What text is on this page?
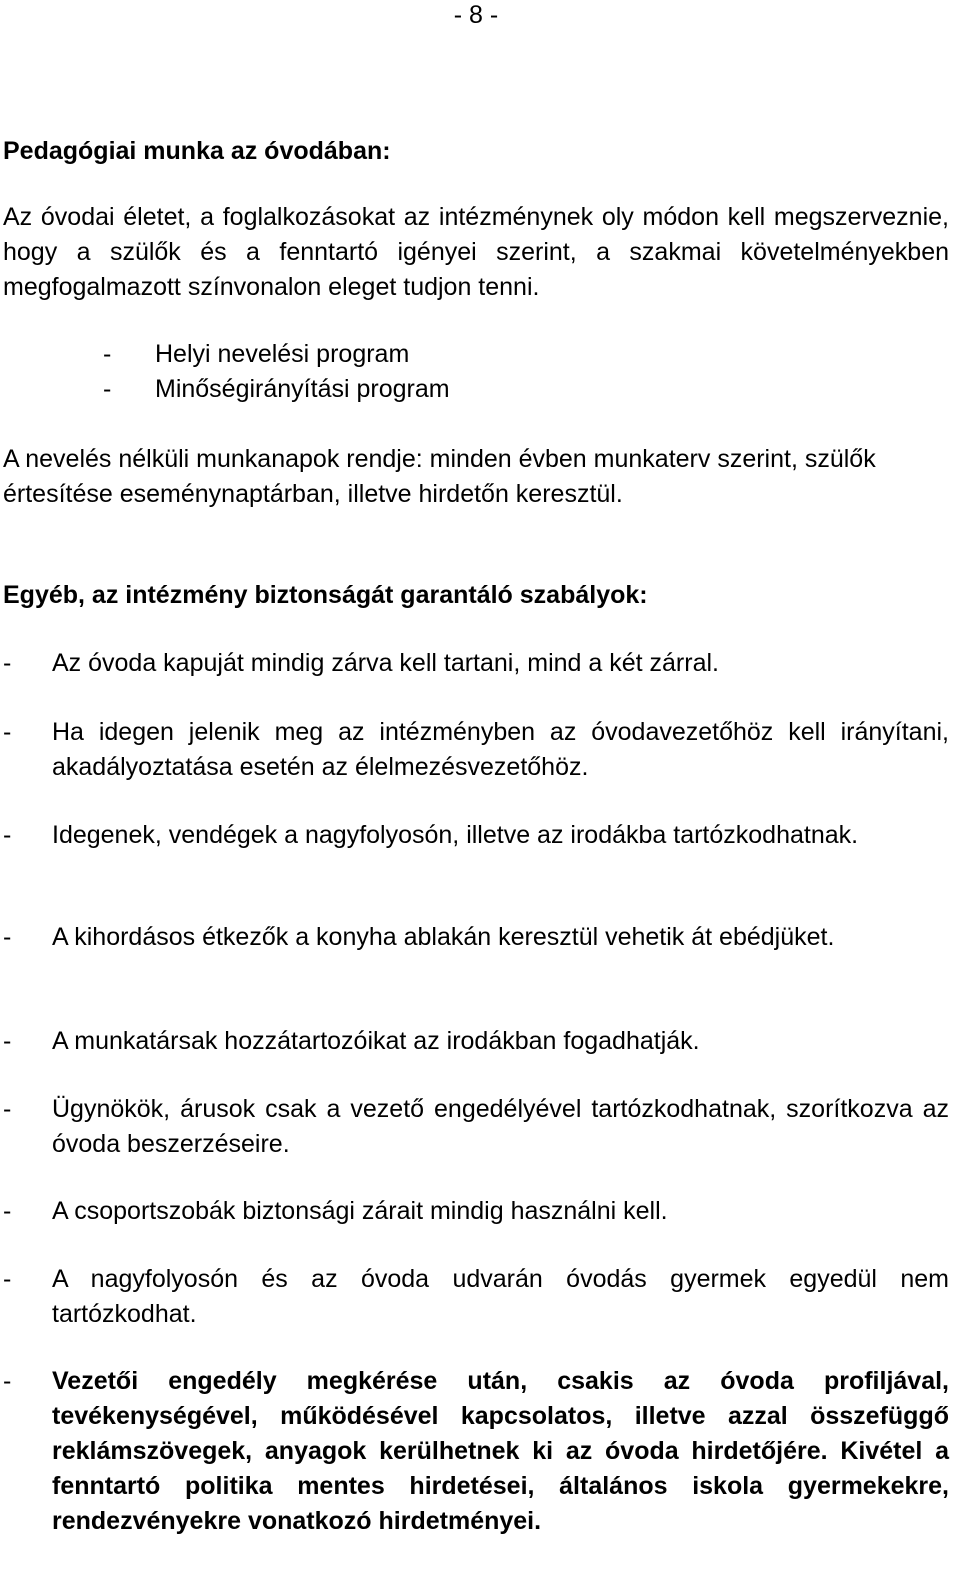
- 8 -
Pedagógiai munka az óvodában:
Az óvodai életet, a foglalkozásokat az intézménynek oly módon kell megszerveznie, hogy a szülők és a fenntartó igényei szerint, a szakmai követelményekben megfogalmazott színvonalon eleget tudjon tenni.
-	Helyi nevelési program
-	Minőségirányítási program
A nevelés nélküli munkanapok rendje: minden évben munkaterv szerint, szülők értesítése eseménynaptárban, illetve hirdetőn keresztül.
Egyéb, az intézmény biztonságát garantáló szabályok:
-	Az óvoda kapuját mindig zárva kell tartani, mind a két zárral.
-	Ha idegen jelenik meg az intézményben az óvodavezetőhöz kell irányítani, akadályoztatása esetén az élelmezésvezetőhöz.
-	Idegenek, vendégek a nagyfolyosón, illetve az irodákba tartózkodhatnak.
-	A kihordásos étkezők a konyha ablakán keresztül vehetik át ebédjüket.
-	A munkatársak hozzátartozóikat az irodákban fogadhatják.
-	Ügynökök, árusok csak a vezető engedélyével tartózkodhatnak, szorítkozva az óvoda beszerzéseire.
-	A csoportszobák biztonsági zárait mindig használni kell.
-	A nagyfolyosón és az óvoda udvarán óvodás gyermek egyedül nem tartózkodhat.
-	Vezetői engedély megkérése után, csakis az óvoda profiljával, tevékenységével, működésével kapcsolatos, illetve azzal összefüggő reklámszövegek, anyagok kerülhetnek ki az óvoda hirdetőjére. Kivétel a fenntartó politika mentes hirdetései, általános iskola gyermekekre, rendezvényekre vonatkozó hirdetményei.
